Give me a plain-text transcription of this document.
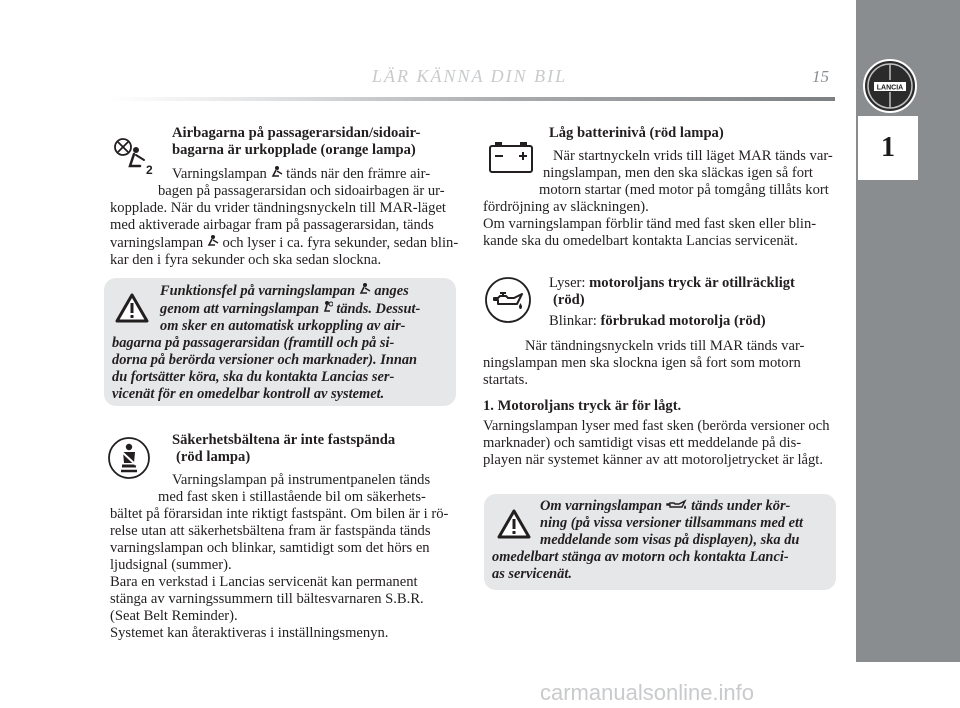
LANCIA
1
LÄR KÄNNA DIN BIL	15
2

Airbagarna på passagerarsidan/sidoair-

bagarna är urkopplade (orange lampa)

Varningslampan tänds när den främre air-

bagen på passagerarsidan och sidoairbagen är ur-

kopplade. När du vrider tändningsnyckeln till MAR-läget

med aktiverade airbagar fram på passagerarsidan, tänds

varningslampan och lyser i ca. fyra sekunder, sedan blin-

kar den i fyra sekunder och ska sedan slockna.

Funktionsfel på varningslampan anges

genom att varningslampan tänds. Dessut-

om sker en automatisk urkoppling av air-

bagarna på passagerarsidan (framtill och på si-

dorna på berörda versioner och marknader). Innan

du fortsätter köra, ska du kontakta Lancias ser-

vicenät för en omedelbar kontroll av systemet.

Säkerhetsbältena är inte fastspända

(röd lampa)

Varningslampan på instrumentpanelen tänds

med fast sken i stillastående bil om säkerhets-

bältet på förarsidan inte riktigt fastspänt. Om bilen är i rö-

relse utan att säkerhetsbältena fram är fastspända tänds

varningslampan och blinkar, samtidigt som det hörs en

ljudsignal (summer).

Bara en verkstad i Lancias servicenät kan permanent

stänga av varningssummern till bältesvarnaren S.B.R.

(Seat Belt Reminder).

Systemet kan återaktiveras i inställningsmenyn.

Låg batterinivå (röd lampa)

När startnyckeln vrids till läget MAR tänds var-

ningslampan, men den ska släckas igen så fort

motorn startar (med motor på tomgång tillåts kort

fördröjning av släckningen).

Om varningslampan förblir tänd med fast sken eller blin-

kande ska du omedelbart kontakta Lancias servicenät.

Lyser: motoroljans tryck är otillräckligt

(röd)

Blinkar: förbrukad motorolja (röd)

När tändningsnyckeln vrids till MAR tänds var-

ningslampan men ska slockna igen så fort som motorn

startats.

1. Motoroljans tryck är för lågt.

Varningslampan lyser med fast sken (berörda versioner och

marknader) och samtidigt visas ett meddelande på dis-

playen när systemet känner av att motoroljetrycket är lågt.

Om varningslampan tänds under kör-

ning (på vissa versioner tillsammans med ett

meddelande som visas på displayen), ska du

omedelbart stänga av motorn och kontakta Lanci-

as servicenät.

carmanualsonline.info
